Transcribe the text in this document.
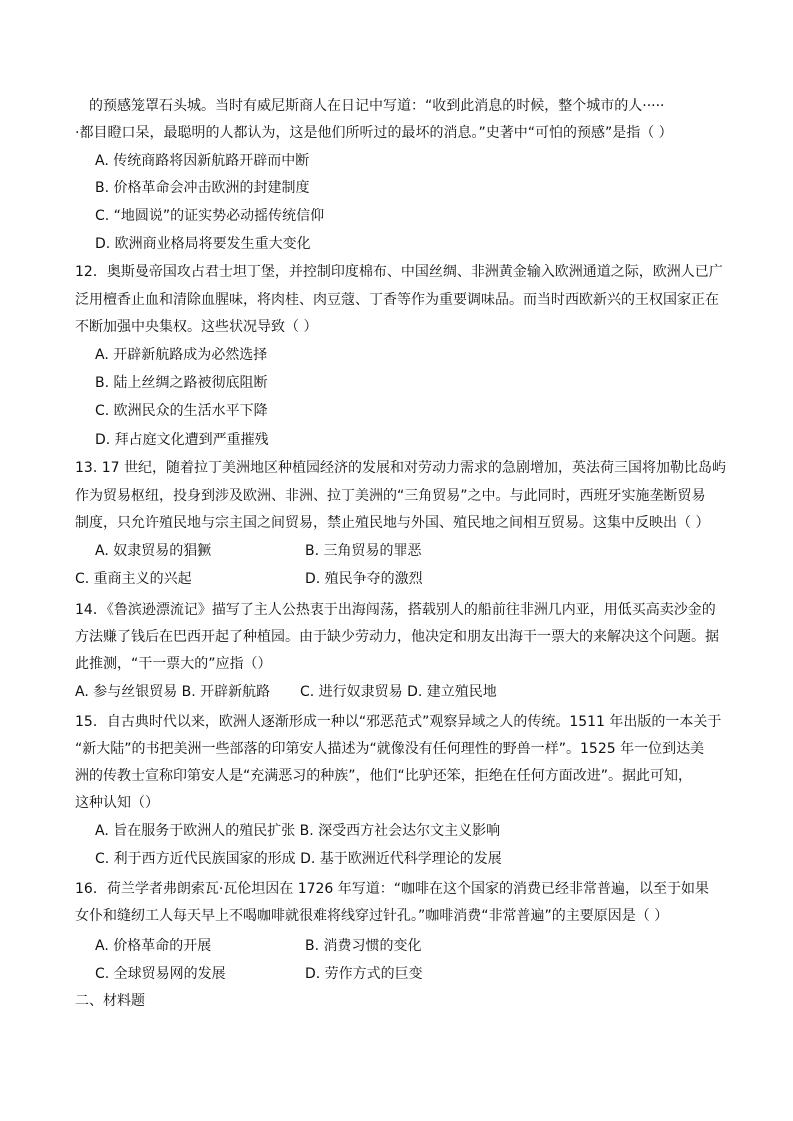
的预感笼罩石头城。当时有威尼斯商人在日记中写道：“收到此消息的时候，整个城市的人·····
·都目瞪口呆，最聪明的人都认为，这是他们所听过的最坏的消息。”史著中“可怕的预感”是指（ ）
A. 传统商路将因新航路开辟而中断
B. 价格革命会冲击欧洲的封建制度
C. “地圆说”的证实势必动摇传统信仰
D. 欧洲商业格局将要发生重大变化
12．奥斯曼帝国攻占君士坦丁堡，并控制印度棉布、中国丝绸、非洲黄金输入欧洲通道之际，欧洲人已广
泛用檀香止血和清除血腥味，将肉桂、肉豆蔻、丁香等作为重要调味品。而当时西欧新兴的王权国家正在
不断加强中央集权。这些状况导致（ ）
A. 开辟新航路成为必然选择
B. 陆上丝绸之路被彻底阻断
C. 欧洲民众的生活水平下降
D. 拜占庭文化遭到严重摧残
13. 17 世纪，随着拉丁美洲地区种植园经济的发展和对劳动力需求的急剧增加，英法荷三国将加勒比岛屿
作为贸易枢纽，投身到涉及欧洲、非洲、拉丁美洲的“三角贸易”之中。与此同时，西班牙实施垄断贸易
制度，只允许殖民地与宗主国之间贸易，禁止殖民地与外国、殖民地之间相互贸易。这集中反映出（ ）
A. 奴隶贸易的猖獗	B. 三角贸易的罪恶
C. 重商主义的兴起	D. 殖民争夺的激烈
14．《鲁滨逊漂流记》描写了主人公热衷于出海闯荡，搭载别人的船前往非洲几内亚，用低买高卖沙金的
方法赚了钱后在巴西开起了种植园。由于缺少劳动力，他决定和朋友出海干一票大的来解决这个问题。据
此推测，“干一票大的”应指（）
A. 参与丝银贸易 B. 开辟新航路 C. 进行奴隶贸易 D. 建立殖民地
15．自古典时代以来，欧洲人逐渐形成一种以“邪恶范式”观察异域之人的传统。1511 年出版的一本关于
“新大陆”的书把美洲一些部落的印第安人描述为“就像没有任何理性的野兽一样”。1525 年一位到达美
洲的传教士宣称印第安人是“充满恶习的种族”，他们“比驴还笨，拒绝在任何方面改进”。据此可知，
这种认知（）
A. 旨在服务于欧洲人的殖民扩张 B. 深受西方社会达尔文主义影响
C. 利于西方近代民族国家的形成 D. 基于欧洲近代科学理论的发展
16．荷兰学者弗朗索瓦·瓦伦坦因在 1726 年写道：“咖啡在这个国家的消费已经非常普遍，以至于如果
女仆和缝纫工人每天早上不喝咖啡就很难将线穿过针孔。”咖啡消费“非常普遍”的主要原因是（ ）
A. 价格革命的开展	B. 消费习惯的变化
C. 全球贸易网的发展	D. 劳作方式的巨变
二、材料题
